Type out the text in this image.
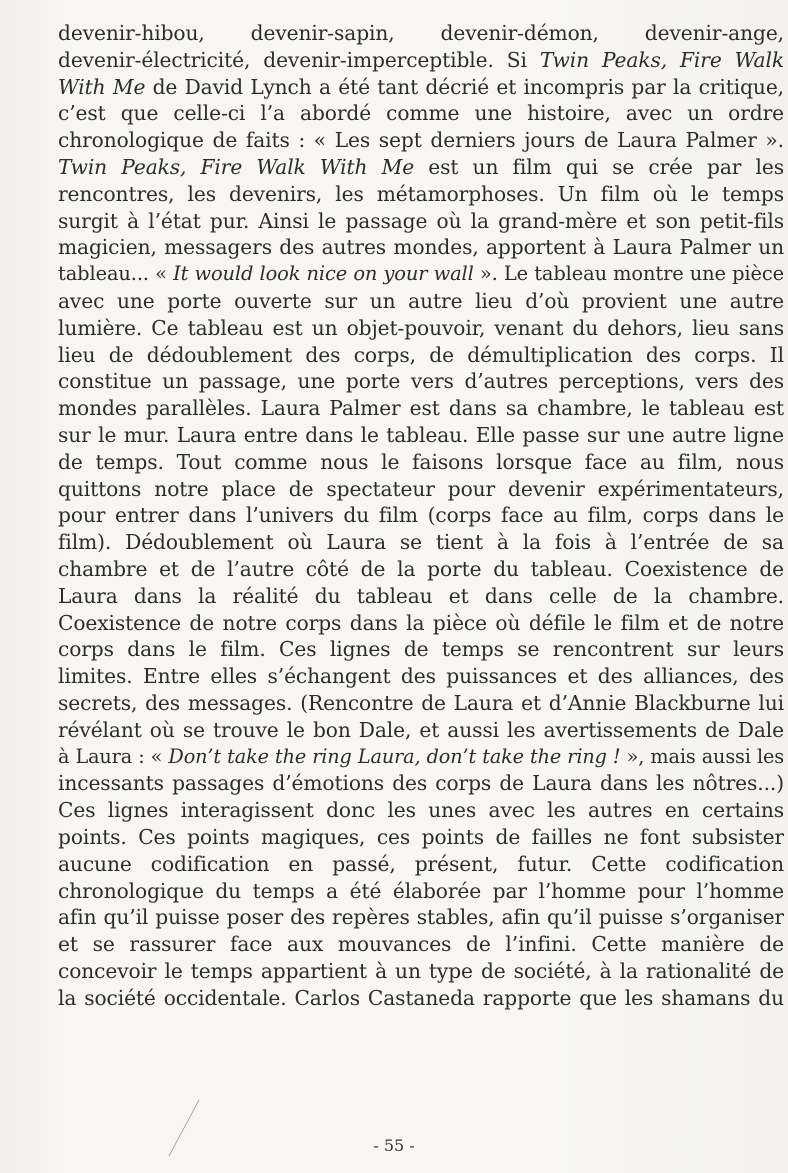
devenir-hibou, devenir-sapin, devenir-démon, devenir-ange,
devenir-électricité, devenir-imperceptible. Si Twin Peaks, Fire Walk
With Me de David Lynch a été tant décrié et incompris par la critique,
c’est que celle-ci l’a abordé comme une histoire, avec un ordre
chronologique de faits : « Les sept derniers jours de Laura Palmer ».
Twin Peaks, Fire Walk With Me est un film qui se crée par les
rencontres, les devenirs, les métamorphoses. Un film où le temps
surgit à l’état pur. Ainsi le passage où la grand-mère et son petit-fils
magicien, messagers des autres mondes, apportent à Laura Palmer un
tableau... « It would look nice on your wall ». Le tableau montre une pièce
avec une porte ouverte sur un autre lieu d’où provient une autre
lumière. Ce tableau est un objet-pouvoir, venant du dehors, lieu sans
lieu de dédoublement des corps, de démultiplication des corps. Il
constitue un passage, une porte vers d’autres perceptions, vers des
mondes parallèles. Laura Palmer est dans sa chambre, le tableau est
sur le mur. Laura entre dans le tableau. Elle passe sur une autre ligne
de temps. Tout comme nous le faisons lorsque face au film, nous
quittons notre place de spectateur pour devenir expérimentateurs,
pour entrer dans l’univers du film (corps face au film, corps dans le
film). Dédoublement où Laura se tient à la fois à l’entrée de sa
chambre et de l’autre côté de la porte du tableau. Coexistence de
Laura dans la réalité du tableau et dans celle de la chambre.
Coexistence de notre corps dans la pièce où défile le film et de notre
corps dans le film. Ces lignes de temps se rencontrent sur leurs
limites. Entre elles s’échangent des puissances et des alliances, des
secrets, des messages. (Rencontre de Laura et d’Annie Blackburne lui
révélant où se trouve le bon Dale, et aussi les avertissements de Dale
à Laura : « Don’t take the ring Laura, don’t take the ring ! », mais aussi les
incessants passages d’émotions des corps de Laura dans les nôtres...)
Ces lignes interagissent donc les unes avec les autres en certains
points. Ces points magiques, ces points de failles ne font subsister
aucune codification en passé, présent, futur. Cette codification
chronologique du temps a été élaborée par l’homme pour l’homme
afin qu’il puisse poser des repères stables, afin qu’il puisse s’organiser
et se rassurer face aux mouvances de l’infini. Cette manière de
concevoir le temps appartient à un type de société, à la rationalité de
la société occidentale. Carlos Castaneda rapporte que les shamans du
- 55 -
